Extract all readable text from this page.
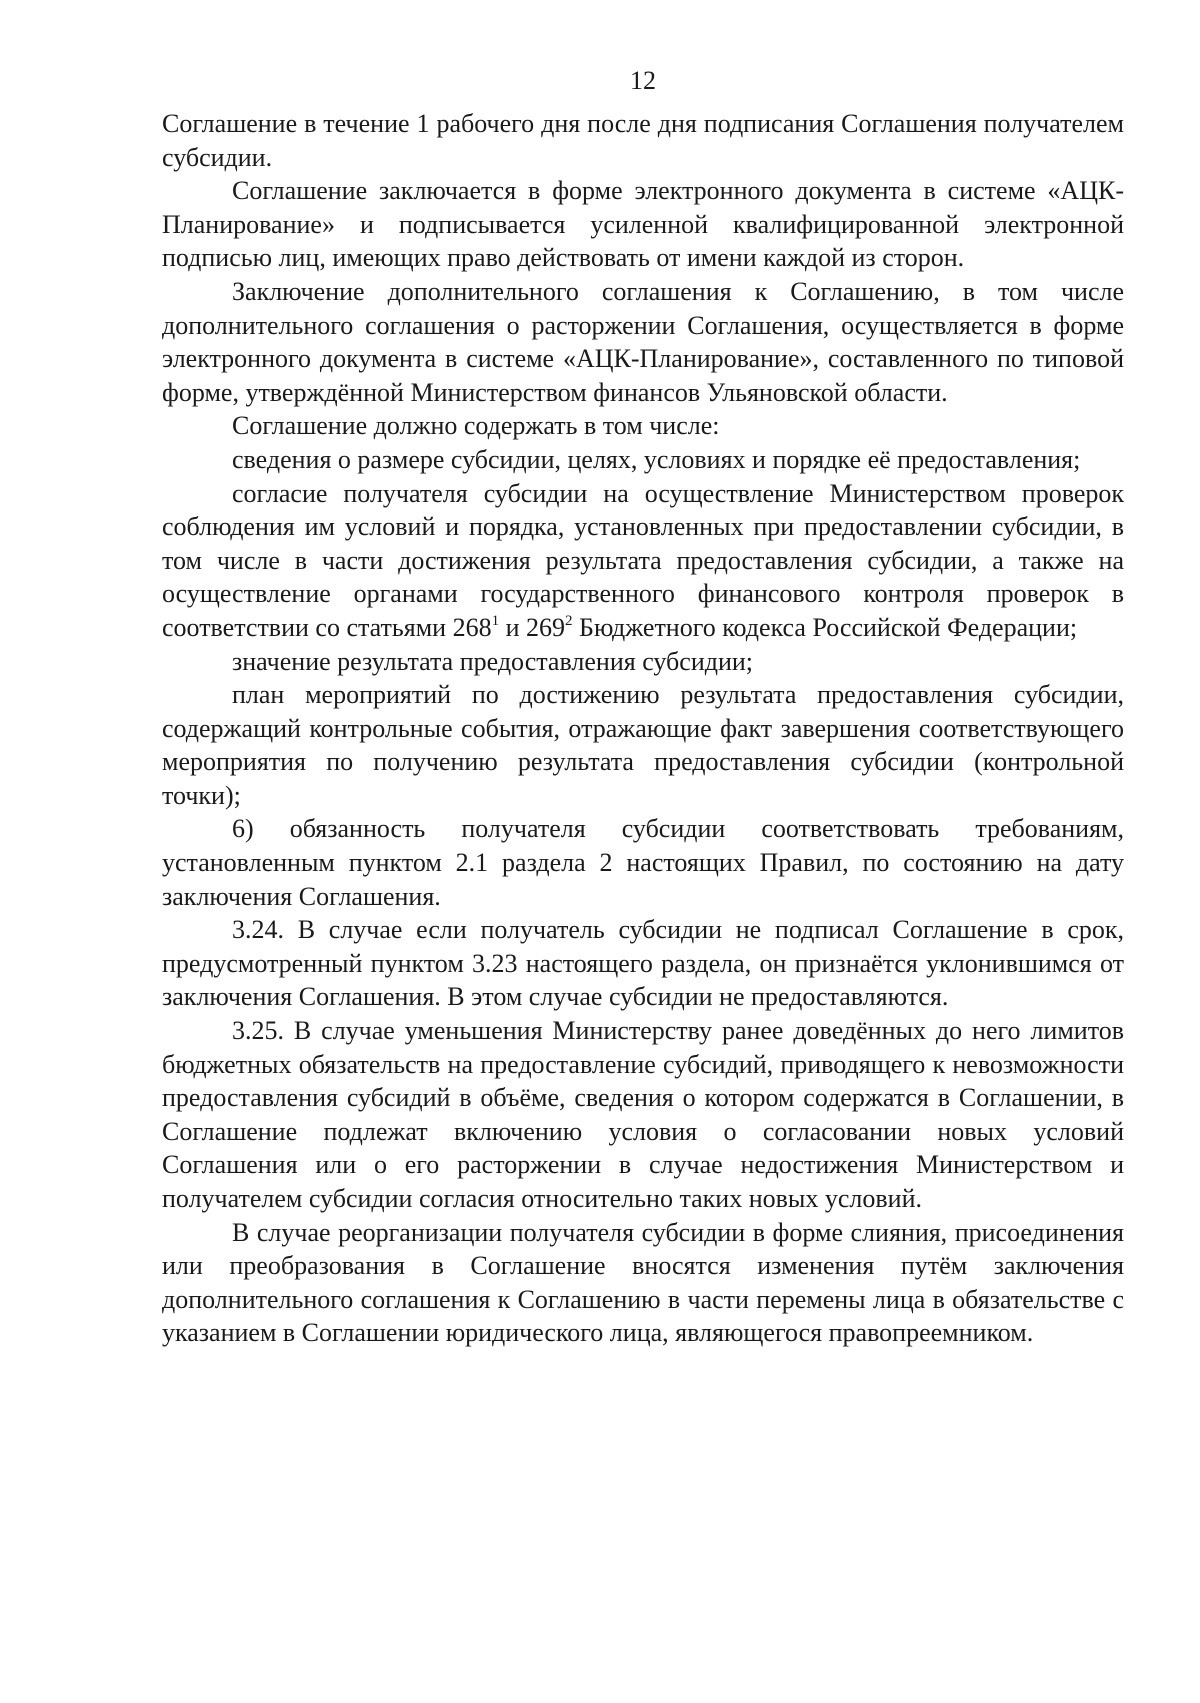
12

Соглашение в течение 1 рабочего дня после дня подписания Соглашения получателем субсидии.

Соглашение заключается в форме электронного документа в системе «АЦК-Планирование» и подписывается усиленной квалифицированной электронной подписью лиц, имеющих право действовать от имени каждой из сторон.

Заключение дополнительного соглашения к Соглашению, в том числе дополнительного соглашения о расторжении Соглашения, осуществляется в форме электронного документа в системе «АЦК-Планирование», составленного по типовой форме, утверждённой Министерством финансов Ульяновской области.

Соглашение должно содержать в том числе:

сведения о размере субсидии, целях, условиях и порядке её предоставления;

согласие получателя субсидии на осуществление Министерством проверок соблюдения им условий и порядка, установленных при предоставлении субсидии, в том числе в части достижения результата предоставления субсидии, а также на осуществление органами государственного финансового контроля проверок в соответствии со статьями $268^1$ и $269^2$ Бюджетного кодекса Российской Федерации;

значение результата предоставления субсидии;

план мероприятий по достижению результата предоставления субсидии, содержащий контрольные события, отражающие факт завершения соответствующего мероприятия по получению результата предоставления субсидии (контрольной точки);

6) обязанность получателя субсидии соответствовать требованиям, установленным пунктом 2.1 раздела 2 настоящих Правил, по состоянию на дату заключения Соглашения.

3.24. В случае если получатель субсидии не подписал Соглашение в срок, предусмотренный пунктом 3.23 настоящего раздела, он признаётся уклонившимся от заключения Соглашения. В этом случае субсидии не предоставляются.

3.25. В случае уменьшения Министерству ранее доведённых до него лимитов бюджетных обязательств на предоставление субсидий, приводящего к невозможности предоставления субсидий в объёме, сведения о котором содержатся в Соглашении, в Соглашение подлежат включению условия о согласовании новых условий Соглашения или о его расторжении в случае недостижения Министерством и получателем субсидии согласия относительно таких новых условий.

В случае реорганизации получателя субсидии в форме слияния, присоединения или преобразования в Соглашение вносятся изменения путём заключения дополнительного соглашения к Соглашению в части перемены лица в обязательстве с указанием в Соглашении юридического лица, являющегося правопреемником.
